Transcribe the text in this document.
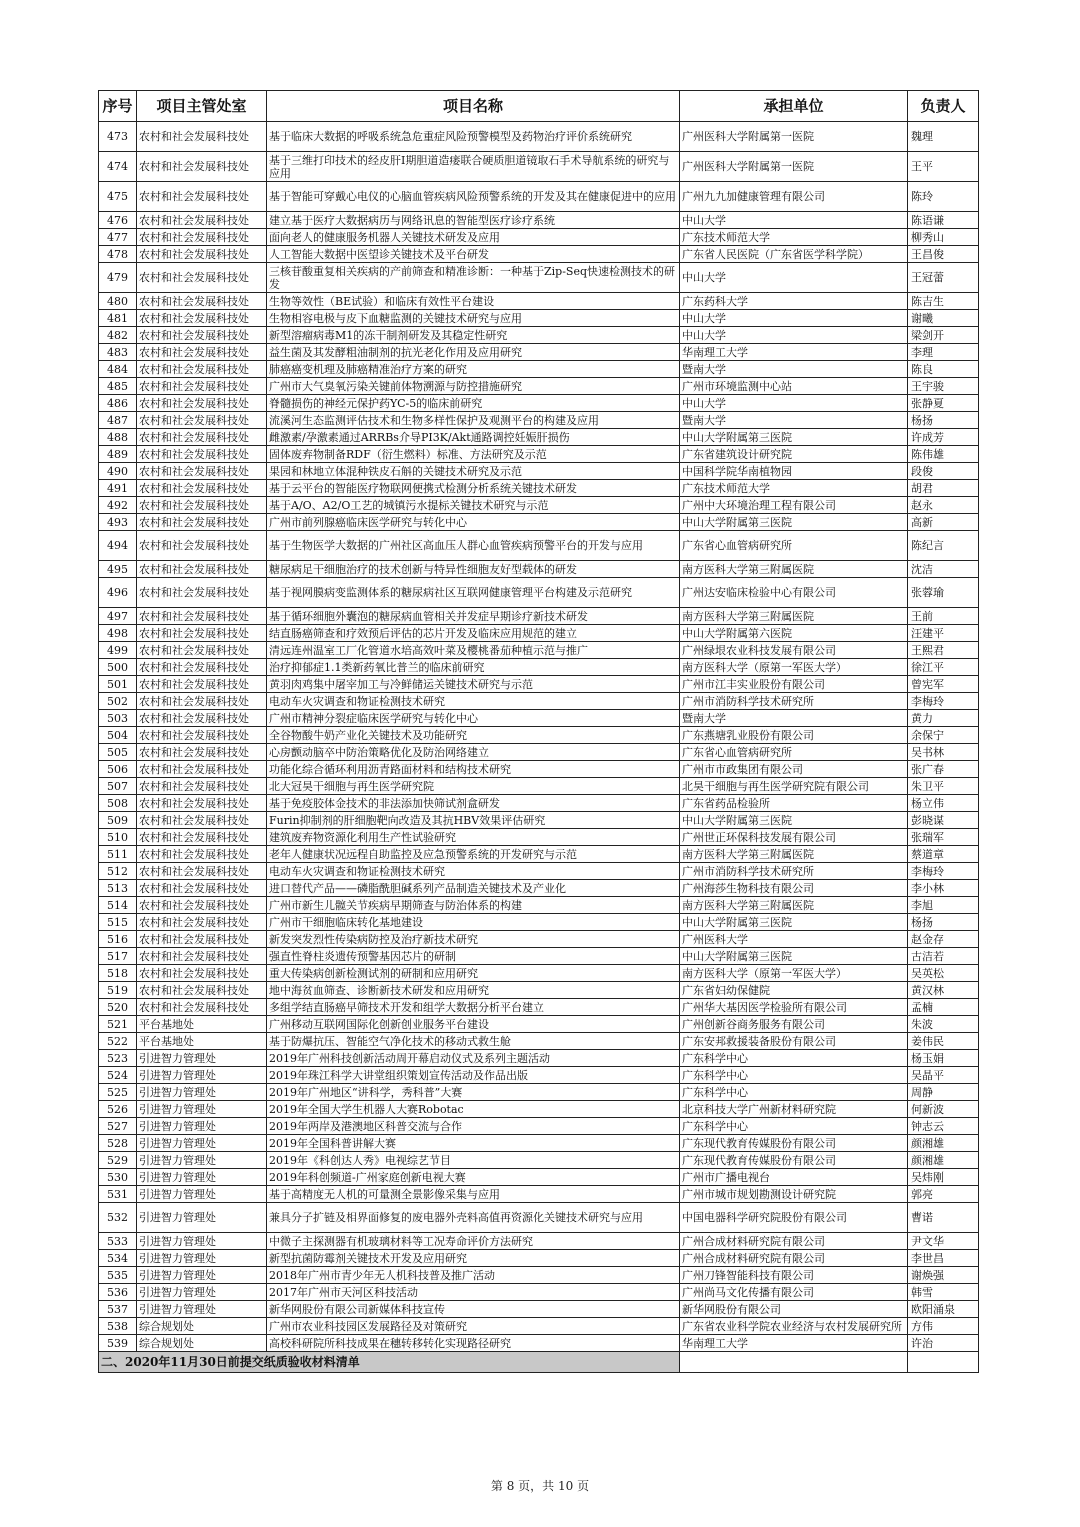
序号	项目主管处室	项目名称	承担单位	负责人
473	农村和社会发展科技处	基于临床大数据的呼吸系统急危重症风险预警模型及药物治疗评价系统研究	广州医科大学附属第一医院	魏理
474	农村和社会发展科技处	基于三维打印技术的经皮肝Ⅰ期胆道造瘘联合硬质胆道镜取石手术导航系统的研究与应用	广州医科大学附属第一医院	王平
475	农村和社会发展科技处	基于智能可穿戴心电仪的心脑血管疾病风险预警系统的开发及其在健康促进中的应用	广州九九加健康管理有限公司	陈玲
476	农村和社会发展科技处	建立基于医疗大数据病历与网络讯息的智能型医疗诊疗系统	中山大学	陈语谦
477	农村和社会发展科技处	面向老人的健康服务机器人关键技术研发及应用	广东技术师范大学	柳秀山
478	农村和社会发展科技处	人工智能大数据中医望诊关键技术及平台研发	广东省人民医院（广东省医学科学院）	王昌俊
479	农村和社会发展科技处	三核苷酸重复相关疾病的产前筛查和精准诊断：一种基于Zip-Seq快速检测技术的研发	中山大学	王冠蕾
480	农村和社会发展科技处	生物等效性（BE试验）和临床有效性平台建设	广东药科大学	陈吉生
481	农村和社会发展科技处	生物相容电极与皮下血糖监测的关键技术研究与应用	中山大学	谢曦
482	农村和社会发展科技处	新型溶瘤病毒M1的冻干制剂研发及其稳定性研究	中山大学	梁剑开
483	农村和社会发展科技处	益生菌及其发酵粗油制剂的抗光老化作用及应用研究	华南理工大学	李理
484	农村和社会发展科技处	肺癌癌变机理及肺癌精准治疗方案的研究	暨南大学	陈良
485	农村和社会发展科技处	广州市大气臭氧污染关键前体物溯源与防控措施研究	广州市环境监测中心站	王宇骏
486	农村和社会发展科技处	脊髓损伤的神经元保护药YC-5的临床前研究	中山大学	张静夏
487	农村和社会发展科技处	流溪河生态监测评估技术和生物多样性保护及观测平台的构建及应用	暨南大学	杨扬
488	农村和社会发展科技处	雌激素/孕激素通过ARRBs介导PI3K/Akt通路调控妊娠肝损伤	中山大学附属第三医院	许成芳
489	农村和社会发展科技处	固体废弃物制备RDF（衍生燃料）标准、方法研究及示范	广东省建筑设计研究院	陈伟雄
490	农村和社会发展科技处	果园和林地立体混种铁皮石斛的关键技术研究及示范	中国科学院华南植物园	段俊
491	农村和社会发展科技处	基于云平台的智能医疗物联网便携式检测分析系统关键技术研发	广东技术师范大学	胡君
492	农村和社会发展科技处	基于A/O、A2/O工艺的城镇污水提标关键技术研究与示范	广州中大环境治理工程有限公司	赵永
493	农村和社会发展科技处	广州市前列腺癌临床医学研究与转化中心	中山大学附属第三医院	高新
494	农村和社会发展科技处	基于生物医学大数据的广州社区高血压人群心血管疾病预警平台的开发与应用	广东省心血管病研究所	陈纪言
495	农村和社会发展科技处	糖尿病足干细胞治疗的技术创新与特异性细胞友好型载体的研发	南方医科大学第三附属医院	沈洁
496	农村和社会发展科技处	基于视网膜病变监测体系的糖尿病社区互联网健康管理平台构建及示范研究	广州达安临床检验中心有限公司	张蓉瑜
497	农村和社会发展科技处	基于循环细胞外囊泡的糖尿病血管相关并发症早期诊疗新技术研发	南方医科大学第三附属医院	王前
498	农村和社会发展科技处	结直肠癌筛查和疗效预后评估的芯片开发及临床应用规范的建立	中山大学附属第六医院	汪建平
499	农村和社会发展科技处	清远连州温室工厂化管道水培高效叶菜及樱桃番茄种植示范与推广	广州绿垠农业科技发展有限公司	王熙君
500	农村和社会发展科技处	治疗抑郁症1.1类新药氧比普兰的临床前研究	南方医科大学（原第一军医大学）	徐江平
501	农村和社会发展科技处	黄羽肉鸡集中屠宰加工与冷鲜储运关键技术研究与示范	广州市江丰实业股份有限公司	曾宪军
502	农村和社会发展科技处	电动车火灾调查和物证检测技术研究	广州市消防科学技术研究所	李梅玲
503	农村和社会发展科技处	广州市精神分裂症临床医学研究与转化中心	暨南大学	黄力
504	农村和社会发展科技处	全谷物酸牛奶产业化关键技术及功能研究	广东燕塘乳业股份有限公司	余保宁
505	农村和社会发展科技处	心房颤动脑卒中防治策略优化及防治网络建立	广东省心血管病研究所	吴书林
506	农村和社会发展科技处	功能化综合循环利用沥青路面材料和结构技术研究	广州市市政集团有限公司	张广春
507	农村和社会发展科技处	北大冠昊干细胞与再生医学研究院	北昊干细胞与再生医学研究院有限公司	朱卫平
508	农村和社会发展科技处	基于免疫胶体金技术的非法添加快筛试剂盒研发	广东省药品检验所	杨立伟
509	农村和社会发展科技处	Furin抑制剂的肝细胞靶向改造及其抗HBV效果评估研究	中山大学附属第三医院	彭晓谋
510	农村和社会发展科技处	建筑废弃物资源化利用生产性试验研究	广州世正环保科技发展有限公司	张瑞军
511	农村和社会发展科技处	老年人健康状况远程自助监控及应急预警系统的开发研究与示范	南方医科大学第三附属医院	蔡道章
512	农村和社会发展科技处	电动车火灾调查和物证检测技术研究	广州市消防科学技术研究所	李梅玲
513	农村和社会发展科技处	进口替代产品——磷脂酰胆碱系列产品制造关键技术及产业化	广州海莎生物科技有限公司	李小林
514	农村和社会发展科技处	广州市新生儿髋关节疾病早期筛查与防治体系的构建	南方医科大学第三附属医院	李旭
515	农村和社会发展科技处	广州市干细胞临床转化基地建设	中山大学附属第三医院	杨扬
516	农村和社会发展科技处	新发突发烈性传染病防控及治疗新技术研究	广州医科大学	赵金存
517	农村和社会发展科技处	强直性脊柱炎遗传预警基因芯片的研制	中山大学附属第三医院	古洁若
518	农村和社会发展科技处	重大传染病创新检测试剂的研制和应用研究	南方医科大学（原第一军医大学）	吴英松
519	农村和社会发展科技处	地中海贫血筛查、诊断新技术研发和应用研究	广东省妇幼保健院	黄汉林
520	农村和社会发展科技处	多组学结直肠癌早筛技术开发和组学大数据分析平台建立	广州华大基因医学检验所有限公司	孟楠
521	平台基地处	广州移动互联网国际化创新创业服务平台建设	广州创新谷商务服务有限公司	朱波
522	平台基地处	基于防爆抗压、智能空气净化技术的移动式救生舱	广东安邦救援装备股份有限公司	姜伟民
523	引进智力管理处	2019年广州科技创新活动周开幕启动仪式及系列主题活动	广东科学中心	杨玉娟
524	引进智力管理处	2019年珠江科学大讲堂组织策划宣传活动及作品出版	广东科学中心	吴晶平
525	引进智力管理处	2019年广州地区“讲科学，秀科普”大赛	广东科学中心	周静
526	引进智力管理处	2019年全国大学生机器人大赛Robotac	北京科技大学广州新材料研究院	何新波
527	引进智力管理处	2019年两岸及港澳地区科普交流与合作	广东科学中心	钟志云
528	引进智力管理处	2019年全国科普讲解大赛	广东现代教育传媒股份有限公司	颜湘雄
529	引进智力管理处	2019年《科创达人秀》电视综艺节目	广东现代教育传媒股份有限公司	颜湘雄
530	引进智力管理处	2019年科创频道-广州家庭创新电视大赛	广州市广播电视台	吴炜刚
531	引进智力管理处	基于高精度无人机的可量测全景影像采集与应用	广州市城市规划勘测设计研究院	郭亮
532	引进智力管理处	兼具分子扩链及相界面修复的废电器外壳料高值再资源化关键技术研究与应用	中国电器科学研究院股份有限公司	曹诺
533	引进智力管理处	中微子主探测器有机玻璃材料等工况寿命评价方法研究	广州合成材料研究院有限公司	尹文华
534	引进智力管理处	新型抗菌防霉剂关键技术开发及应用研究	广州合成材料研究院有限公司	李世昌
535	引进智力管理处	2018年广州市青少年无人机科技普及推广活动	广州刀锋智能科技有限公司	谢焕强
536	引进智力管理处	2017年广州市天河区科技活动	广州尚马文化传播有限公司	韩雪
537	引进智力管理处	新华网股份有限公司新媒体科技宣传	新华网股份有限公司	欧阳涌泉
538	综合规划处	广州市农业科技园区发展路径及对策研究	广东省农业科学院农业经济与农村发展研究所	方伟
539	综合规划处	高校科研院所科技成果在穗转移转化实现路径研究	华南理工大学	许治
二、2020年11月30日前提交纸质验收材料清单				
第 8 页，共 10 页
